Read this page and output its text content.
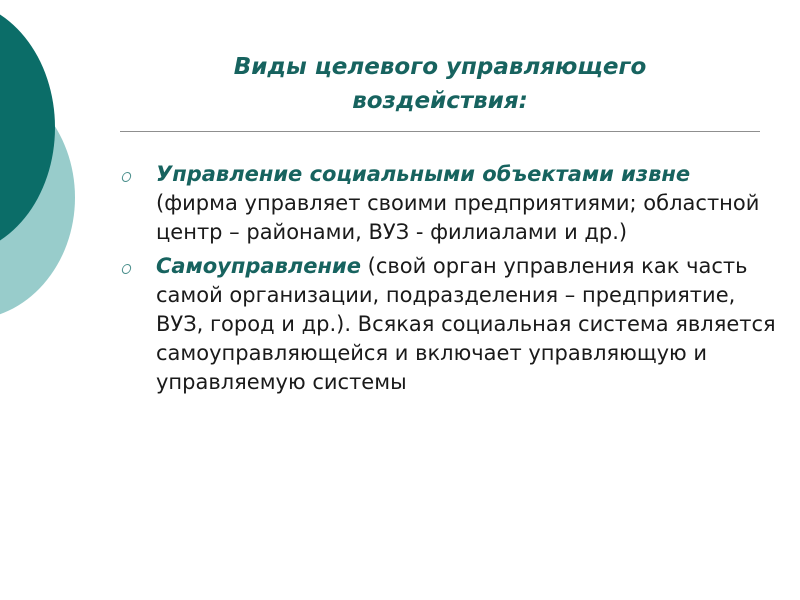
Виды целевого управляющего
воздействия:
Управление социальными объектами извне (фирма управляет своими предприятиями; областной центр – районами, ВУЗ - филиалами и др.)
Самоуправление (свой орган управления как часть самой организации, подразделения – предприятие, ВУЗ, город и др.). Всякая социальная система является самоуправляющейся и включает управляющую и управляемую системы
